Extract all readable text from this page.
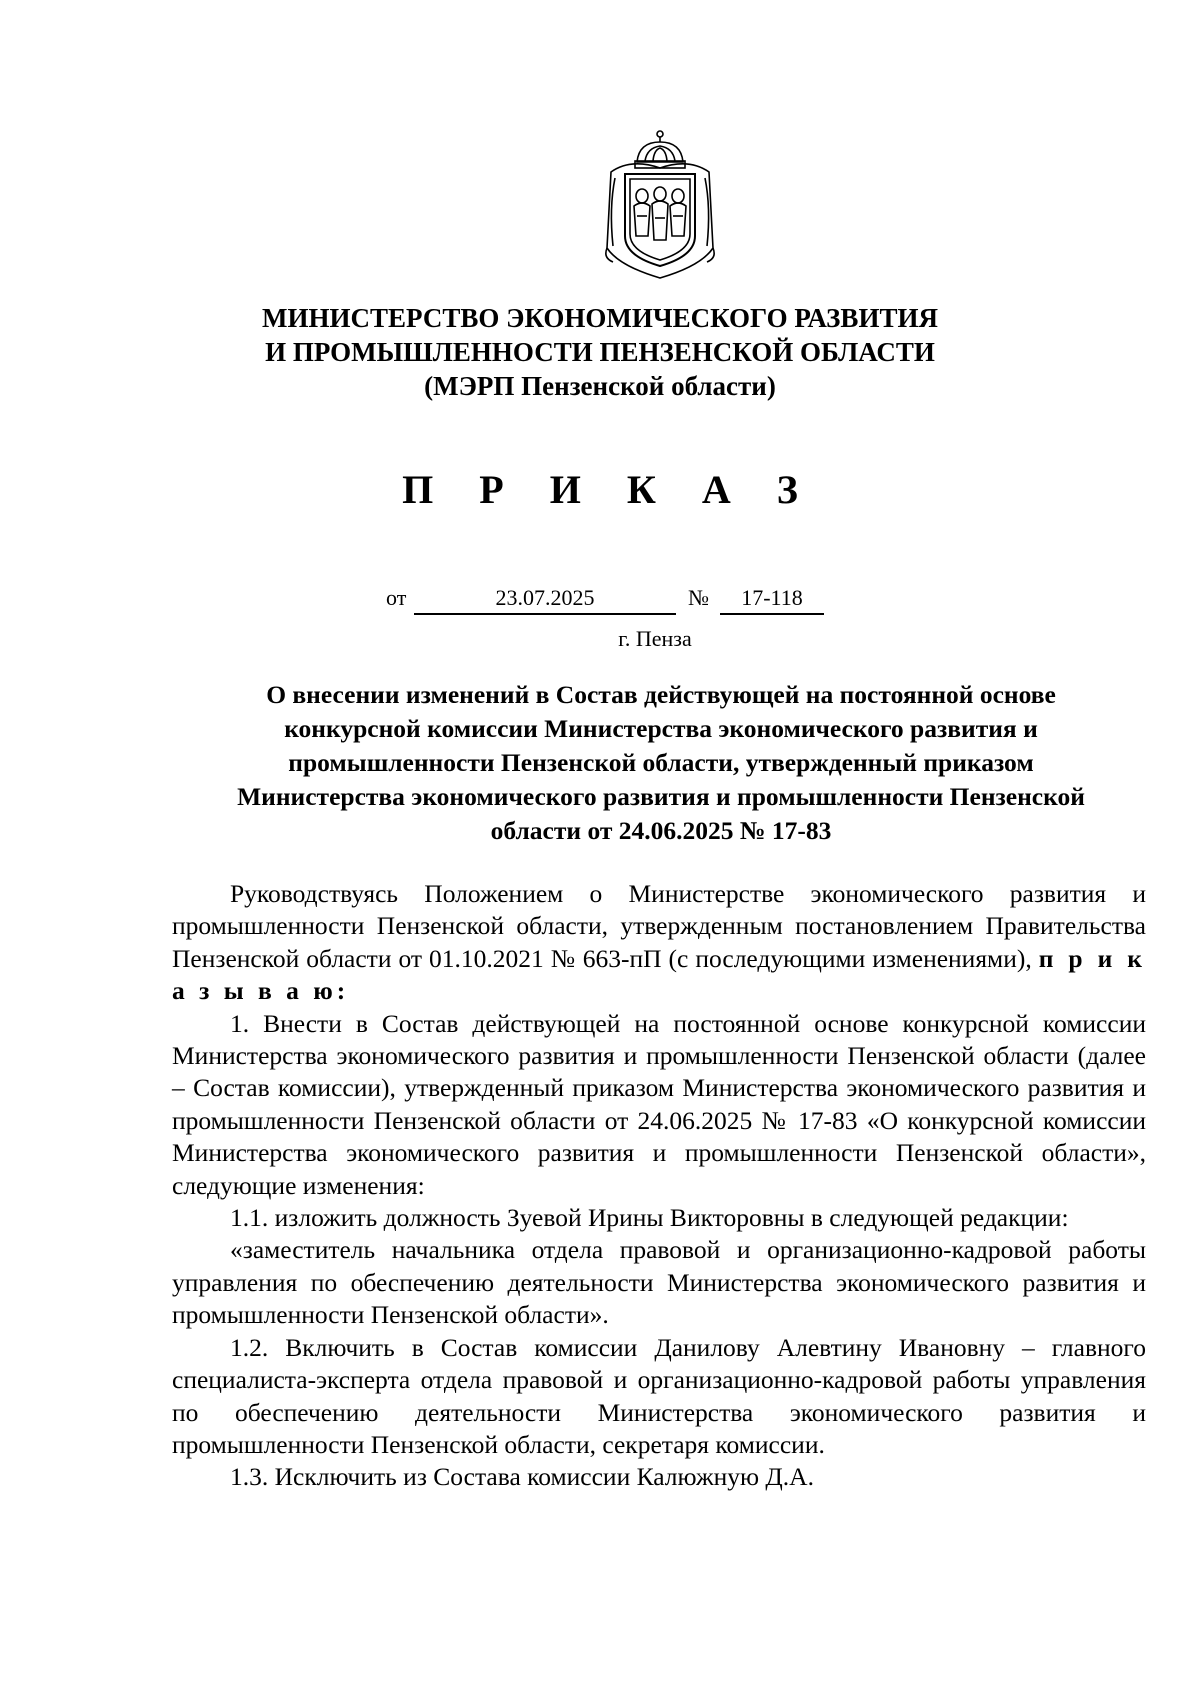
МИНИСТЕРСТВО ЭКОНОМИЧЕСКОГО РАЗВИТИЯ
И ПРОМЫШЛЕННОСТИ ПЕНЗЕНСКОЙ ОБЛАСТИ
(МЭРП Пензенской области)
П Р И К А З
от	23.07.2025	№	17-118
г. Пенза
О внесении изменений в Состав действующей на постоянной основе
конкурсной комиссии Министерства экономического развития и
промышленности Пензенской области, утвержденный приказом
Министерства экономического развития и промышленности Пензенской
области от 24.06.2025 № 17-83

Руководствуясь Положением о Министерстве экономического развития и промышленности Пензенской области, утвержденным постановлением Правительства Пензенской области от 01.10.2021 № 663-пП (с последующими изменениями), п р и к а з ы в а ю:

1. Внести в Состав действующей на постоянной основе конкурсной комиссии Министерства экономического развития и промышленности Пензенской области (далее – Состав комиссии), утвержденный приказом Министерства экономического развития и промышленности Пензенской области от 24.06.2025 № 17-83 «О конкурсной комиссии Министерства экономического развития и промышленности Пензенской области», следующие изменения:

1.1. изложить должность Зуевой Ирины Викторовны в следующей редакции:

«заместитель начальника отдела правовой и организационно-кадровой работы управления по обеспечению деятельности Министерства экономического развития и промышленности Пензенской области».

1.2. Включить в Состав комиссии Данилову Алевтину Ивановну – главного специалиста-эксперта отдела правовой и организационно-кадровой работы управления по обеспечению деятельности Министерства экономического развития и промышленности Пензенской области, секретаря комиссии.

1.3. Исключить из Состава комиссии Калюжную Д.А.
